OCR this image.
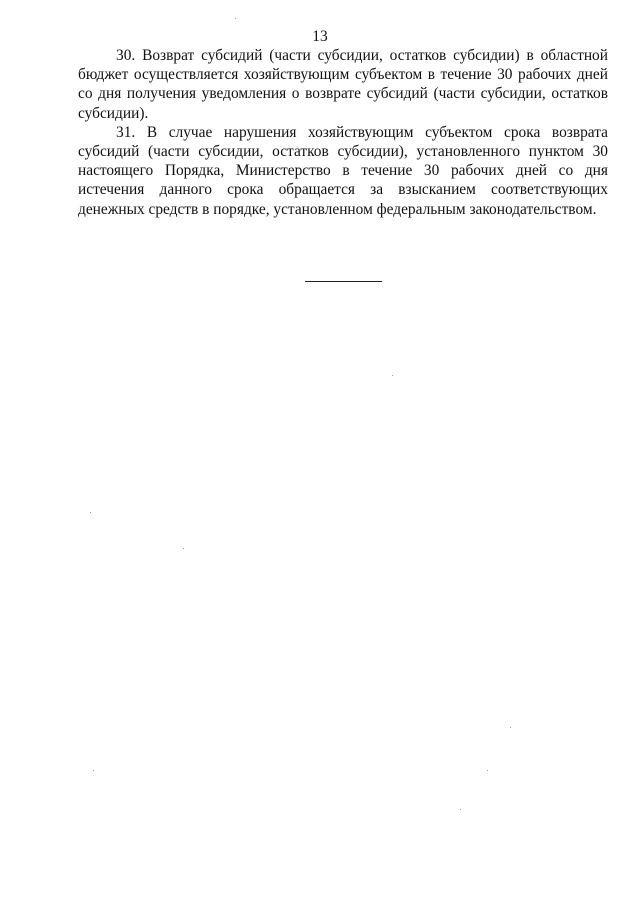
13

30. Возврат субсидий (части субсидии, остатков субсидии) в областной бюджет осуществляется хозяйствующим субъектом в течение 30 рабочих дней со дня получения уведомления о возврате субсидий (части субсидии, остатков субсидии).

31. В случае нарушения хозяйствующим субъектом срока возврата субсидий (части субсидии, остатков субсидии), установленного пунктом 30 настоящего Порядка, Министерство в течение 30 рабочих дней со дня истечения данного срока обращается за взысканием соответствующих денежных средств в порядке, установленном федеральным законодательством.
